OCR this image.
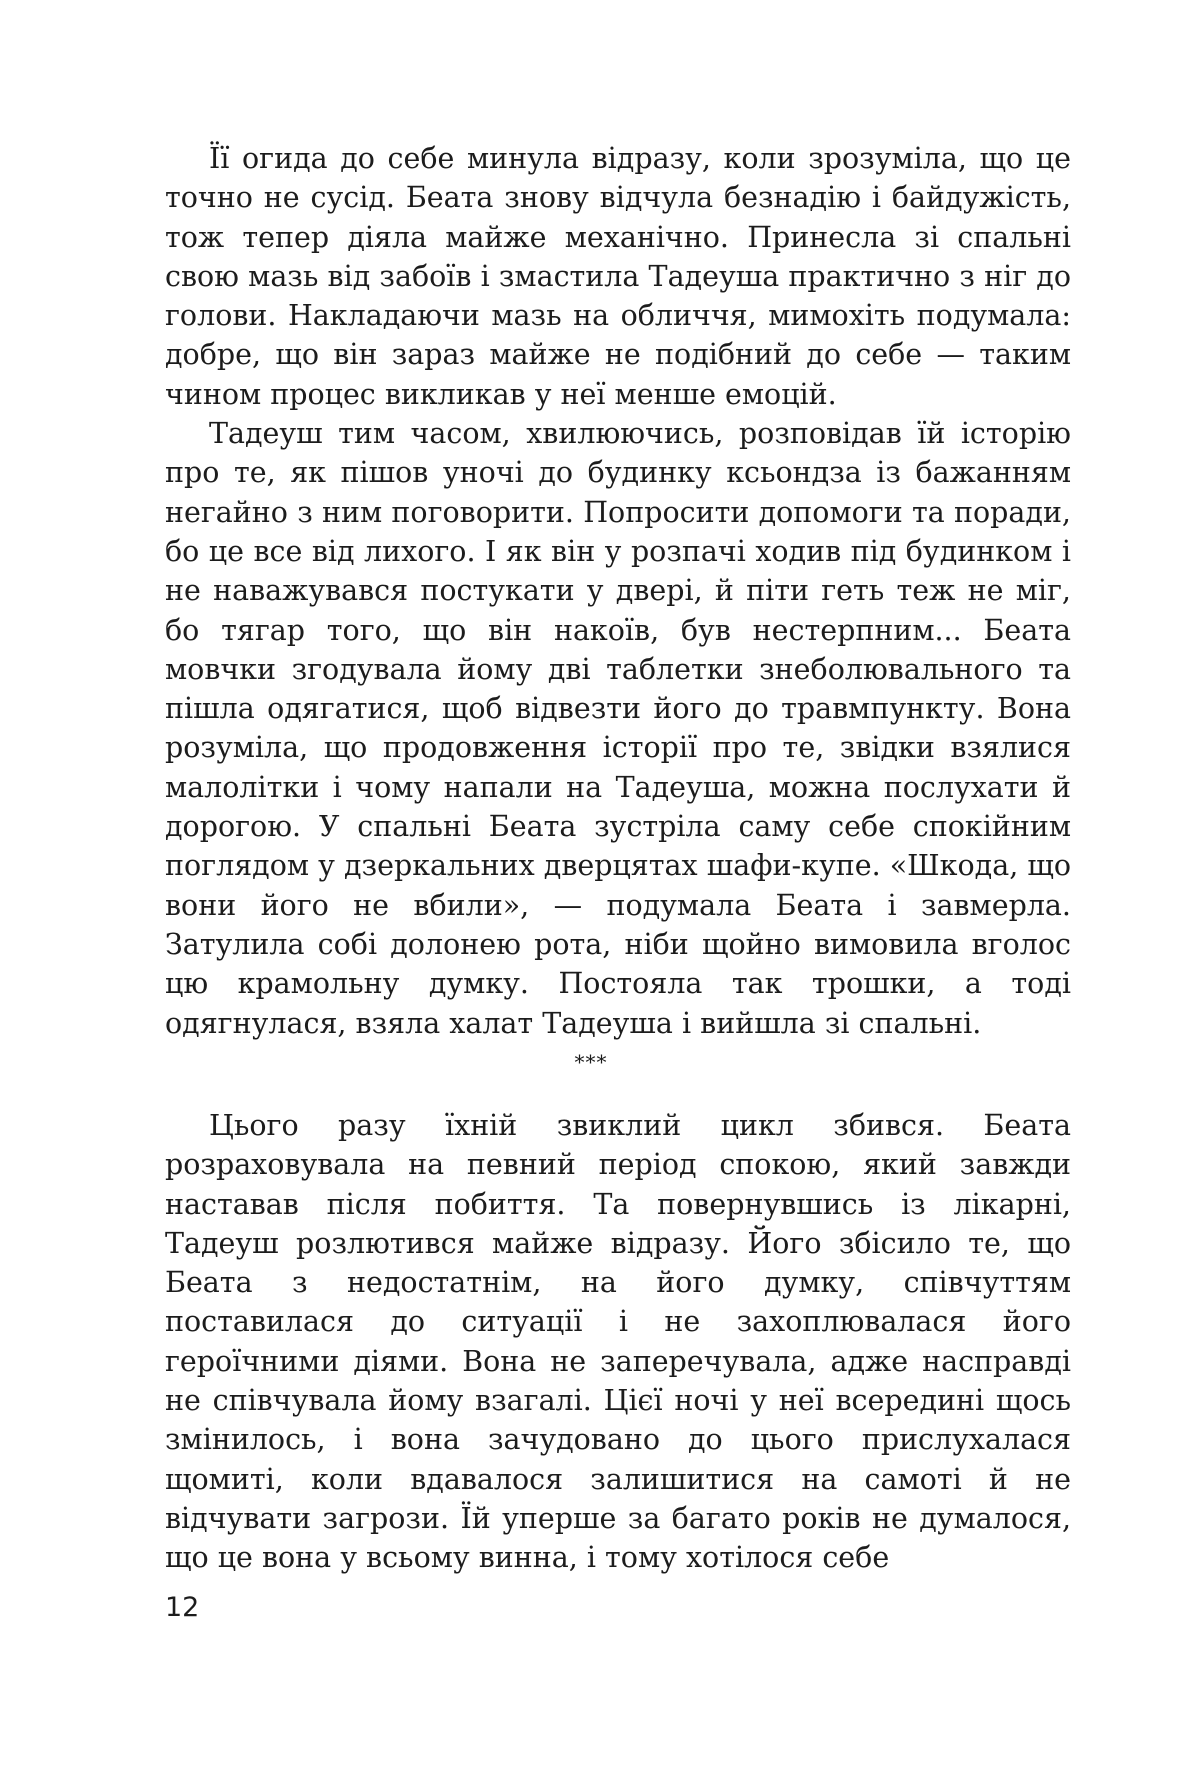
Її огида до себе минула відразу, коли зрозуміла, що це точно не сусід. Беата знову відчула безнадію і байдужість, тож тепер діяла майже механічно. Принесла зі спальні свою мазь від забоїв і змастила Тадеуша практично з ніг до голови. Накладаючи мазь на обличчя, мимохіть подумала: добре, що він зараз майже не подібний до себе — таким чином процес викликав у неї менше емоцій.

Тадеуш тим часом, хвилюючись, розповідав їй історію про те, як пішов уночі до будинку ксьондза із бажанням негайно з ним поговорити. Попросити допомоги та поради, бо це все від лихого. І як він у розпачі ходив під будинком і не наважувався постукати у двері, й піти геть теж не міг, бо тягар того, що він накоїв, був нестерпним... Беата мовчки згодувала йому дві таблетки знеболювального та пішла одягатися, щоб відвезти його до травмпункту. Вона розуміла, що продовження історії про те, звідки взялися малолітки і чому напали на Тадеуша, можна послухати й дорогою. У спальні Беата зустріла саму себе спокійним поглядом у дзеркальних дверцятах шафи-купе. «Шкода, що вони його не вбили», — подумала Беата і завмерла. Затулила собі долонею рота, ніби щойно вимовила вголос цю крамольну думку. Постояла так трошки, а тоді одягнулася, взяла халат Тадеуша і вийшла зі спальні.

***

Цього разу їхній звиклий цикл збився. Беата розраховувала на певний період спокою, який завжди наставав після побиття. Та повернувшись із лікарні, Тадеуш розлютився майже відразу. Його збісило те, що Беата з недостатнім, на його думку, співчуттям поставилася до ситуації і не захоплювалася його героїчними діями. Вона не заперечувала, адже насправді не співчувала йому взагалі. Цієї ночі у неї всередині щось змінилось, і вона зачудовано до цього прислухалася щомиті, коли вдавалося залишитися на самоті й не відчувати загрози. Їй уперше за багато років не думалося, що це вона у всьому винна, і тому хотілося себе

12
